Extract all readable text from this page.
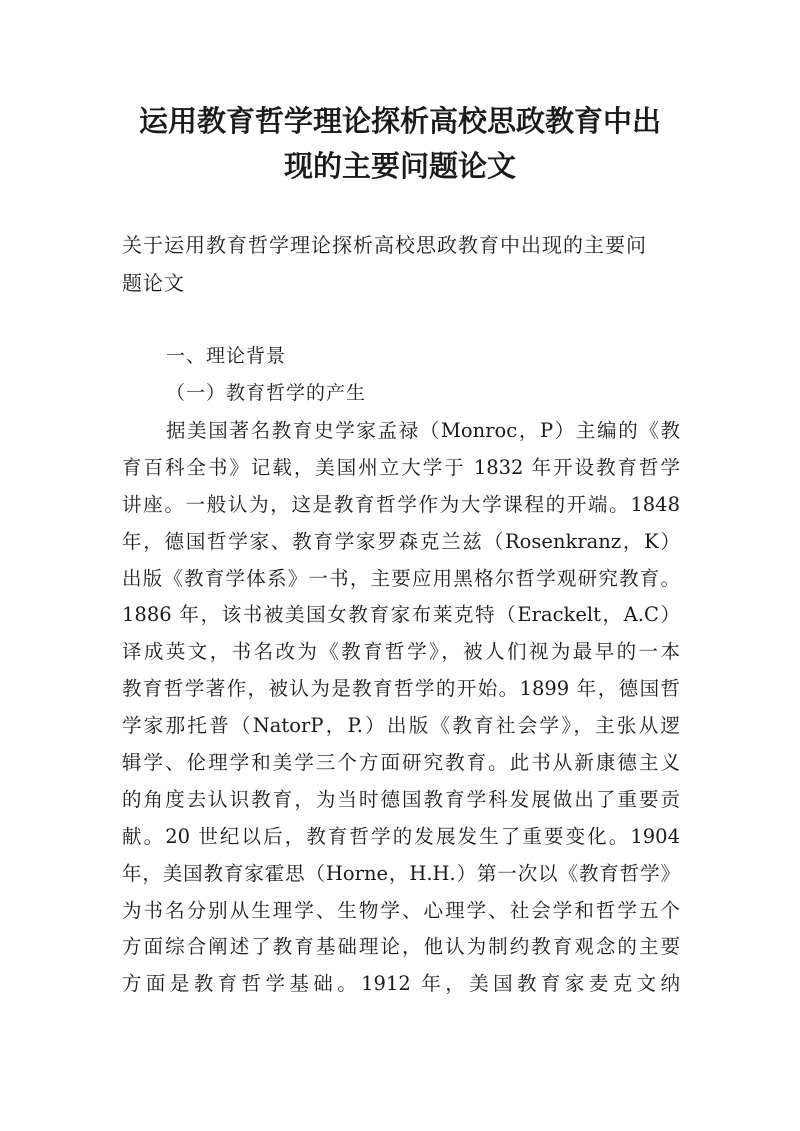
运用教育哲学理论探析高校思政教育中出
现的主要问题论文

关于运用教育哲学理论探析高校思政教育中出现的主要问

题论文

一、理论背景

（一）教育哲学的产生

据美国著名教育史学家孟禄（Monroc，P）主编的《教
育百科全书》记载，美国州立大学于 1832 年开设教育哲学
讲座。一般认为，这是教育哲学作为大学课程的开端。1848
年，德国哲学家、教育学家罗森克兰兹（Rosenkranz，K）
出版《教育学体系》一书，主要应用黑格尔哲学观研究教育。
1886 年，该书被美国女教育家布莱克特（Erackelt，A.C）
译成英文，书名改为《教育哲学》，被人们视为最早的一本
教育哲学著作，被认为是教育哲学的开始。1899 年，德国哲
学家那托普（NatorP，P.）出版《教育社会学》，主张从逻
辑学、伦理学和美学三个方面研究教育。此书从新康德主义
的角度去认识教育，为当时德国教育学科发展做出了重要贡
献。20 世纪以后，教育哲学的发展发生了重要变化。1904
年，美国教育家霍思（Horne，H.H.）第一次以《教育哲学》
为书名分别从生理学、生物学、心理学、社会学和哲学五个
方面综合阐述了教育基础理论，他认为制约教育观念的主要
方面是教育哲学基础。1912 年，美国教育家麦克文纳
